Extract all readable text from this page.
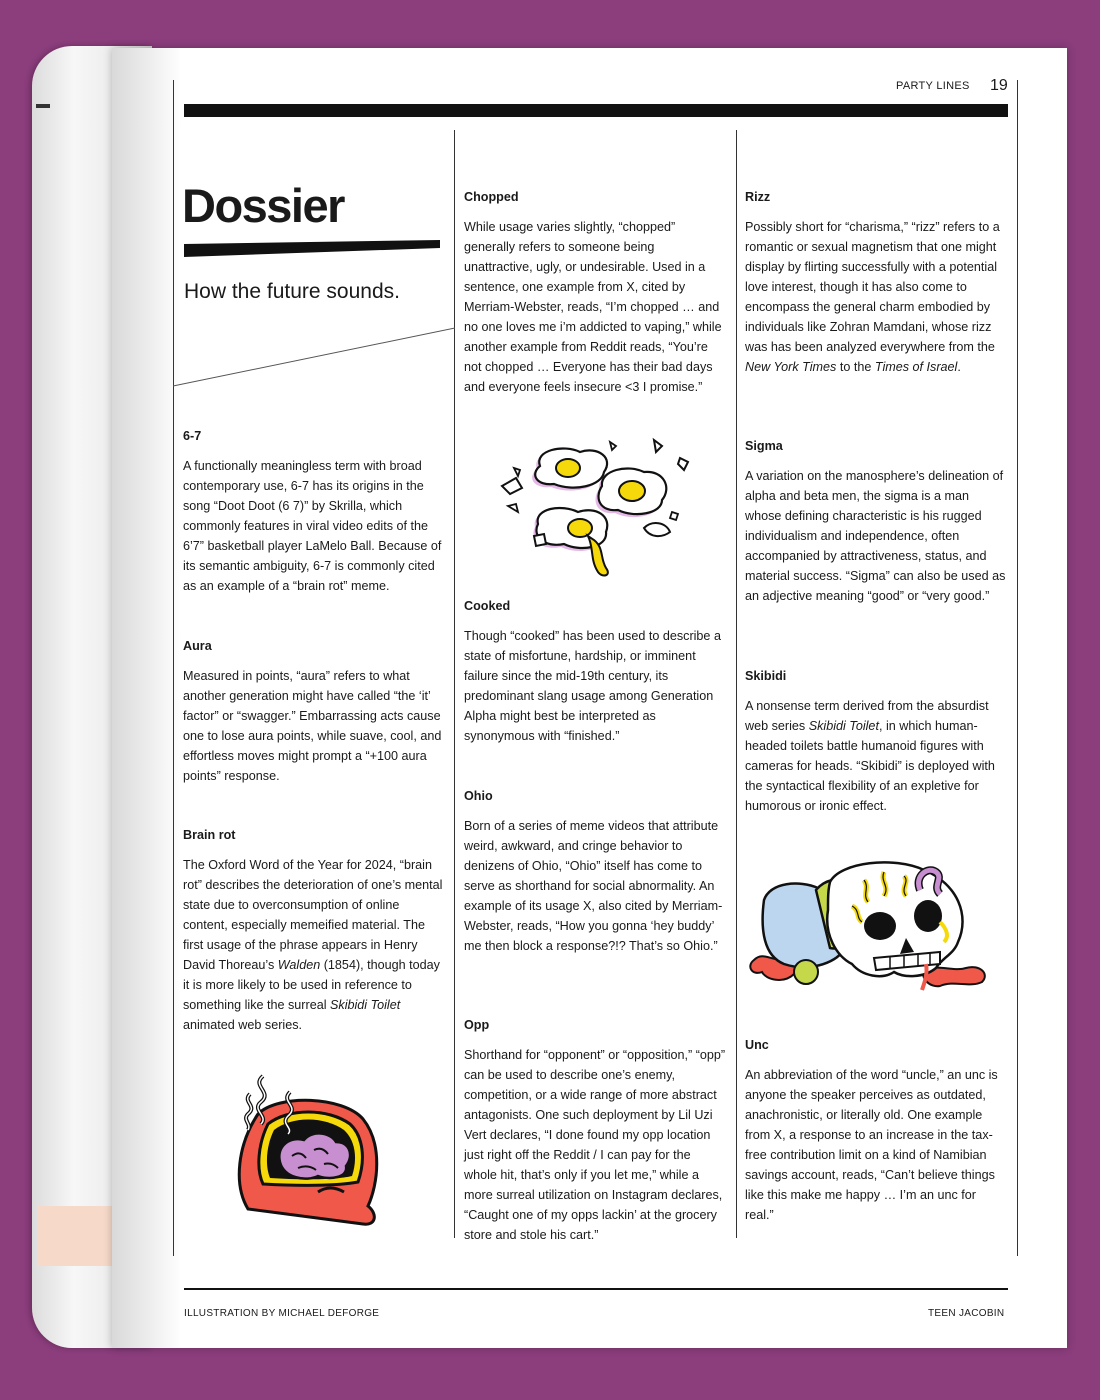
PARTY LINES 19
Dossier
How the future sounds.
6-7

A functionally meaningless term with broad contemporary use, 6-7 has its origins in the song “Doot Doot (6 7)” by Skrilla, which commonly features in viral video edits of the 6’7” basketball player LaMelo Ball. Because of its semantic ambiguity, 6-7 is commonly cited as an example of a “brain rot” meme.

Aura

Measured in points, “aura” refers to what another generation might have called “the ‘it’ factor” or “swagger.” Embarrassing acts cause one to lose aura points, while suave, cool, and effortless moves might prompt a “+100 aura points” response.

Brain rot

The Oxford Word of the Year for 2024, “brain rot” describes the deterioration of one’s mental state due to overconsumption of online content, especially memeified material. The first usage of the phrase appears in Henry David Thoreau’s Walden (1854), though today it is more likely to be used in reference to something like the surreal Skibidi Toilet animated web series.

Chopped

While usage varies slightly, “chopped” generally refers to someone being unattractive, ugly, or undesirable. Used in a sentence, one example from X, cited by Merriam-Webster, reads, “I’m chopped … and no one loves me i’m addicted to vaping,” while another example from Reddit reads, “You’re not chopped … Everyone has their bad days and everyone feels insecure <3 I promise.”

Cooked

Though “cooked” has been used to describe a state of misfortune, hardship, or imminent failure since the mid-19th century, its predominant slang usage among Generation Alpha might best be interpreted as synonymous with “finished.”

Ohio

Born of a series of meme videos that attribute weird, awkward, and cringe behavior to denizens of Ohio, “Ohio” itself has come to serve as shorthand for social abnormality. An example of its usage X, also cited by Merriam-Webster, reads, “How you gonna ‘hey buddy’ me then block a response?!? That’s so Ohio.”

Opp

Shorthand for “opponent” or “opposition,” “opp” can be used to describe one’s enemy, competition, or a wide range of more abstract antagonists. One such deployment by Lil Uzi Vert declares, “I done found my opp location just right off the Reddit / I can pay for the whole hit, that’s only if you let me,” while a more surreal utilization on Instagram declares, “Caught one of my opps lackin’ at the grocery store and stole his cart.”

Rizz

Possibly short for “charisma,” “rizz” refers to a romantic or sexual magnetism that one might display by flirting successfully with a potential love interest, though it has also come to encompass the general charm embodied by individuals like Zohran Mamdani, whose rizz was has been analyzed everywhere from the New York Times to the Times of Israel.

Sigma

A variation on the manosphere’s delineation of alpha and beta men, the sigma is a man whose defining characteristic is his rugged individualism and independence, often accompanied by attractiveness, status, and material success. “Sigma” can also be used as an adjective meaning “good” or “very good.”

Skibidi

A nonsense term derived from the absurdist web series Skibidi Toilet, in which human-headed toilets battle humanoid figures with cameras for heads. “Skibidi” is deployed with the syntactical flexibility of an expletive for humorous or ironic effect.

Unc

An abbreviation of the word “uncle,” an unc is anyone the speaker perceives as outdated, anachronistic, or literally old. One example from X, a response to an increase in the tax-free contribution limit on a kind of Namibian savings account, reads, “Can’t believe things like this make me happy … I’m an unc for real.”

ILLUSTRATION BY MICHAEL DEFORGE	TEEN JACOBIN
